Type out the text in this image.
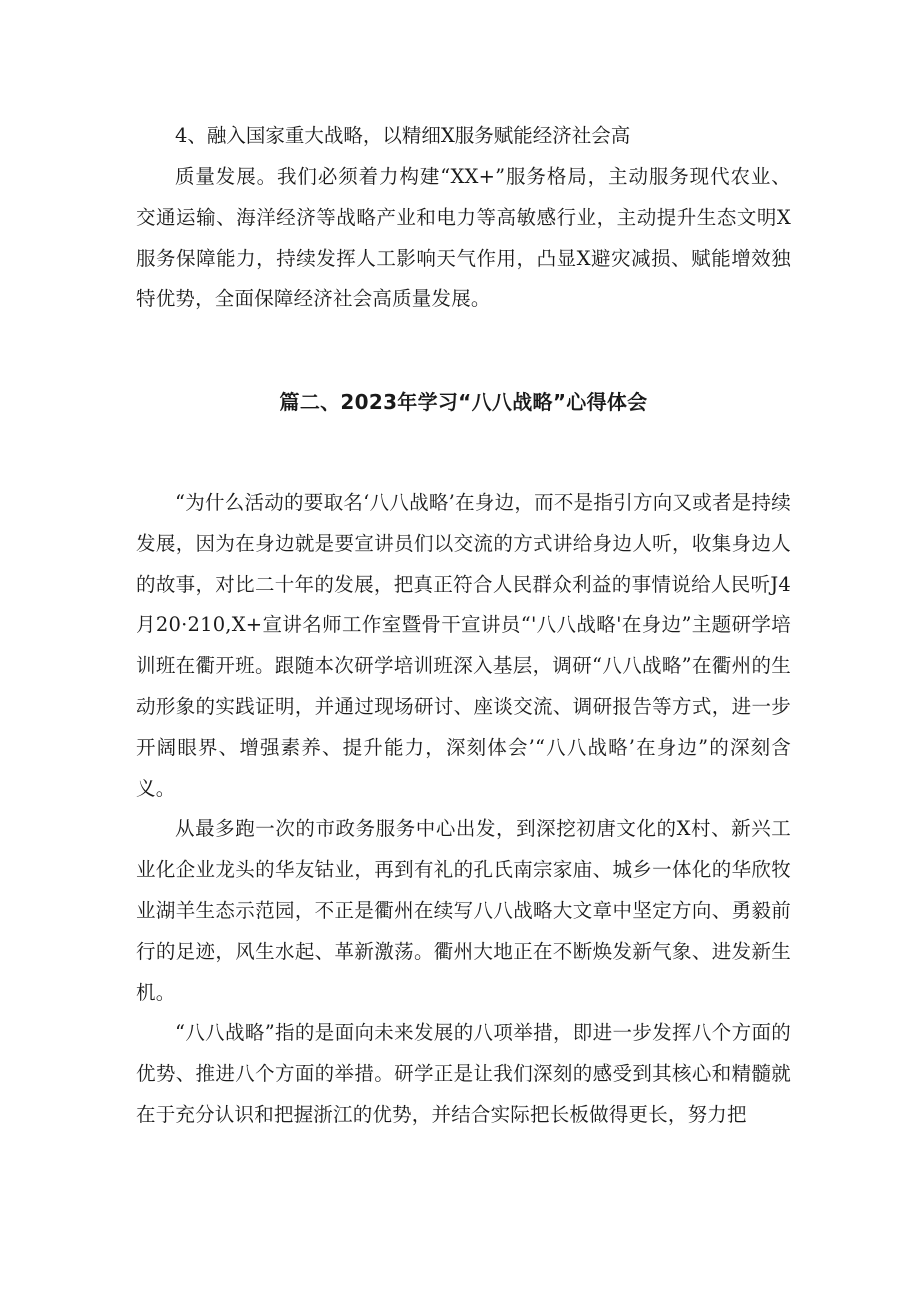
4、融入国家重大战略，以精细X服务赋能经济社会高
质量发展。我们必须着力构建“XX+”服务格局，主动服务现代农业、交通运输、海洋经济等战略产业和电力等高敏感行业，主动提升生态文明X服务保障能力，持续发挥人工影响天气作用，凸显X避灾减损、赋能增效独特优势，全面保障经济社会高质量发展。
篇二、2023年学习“八八战略”心得体会

“为什么活动的要取名‘八八战略’在身边，而不是指引方向又或者是持续发展，因为在身边就是要宣讲员们以交流的方式讲给身边人听，收集身边人的故事，对比二十年的发展，把真正符合人民群众利益的事情说给人民听J4月20·210,X+宣讲名师工作室暨骨干宣讲员“'八八战略'在身边”主题研学培训班在衢开班。跟随本次研学培训班深入基层，调研“八八战略”在衢州的生动形象的实践证明，并通过现场研讨、座谈交流、调研报告等方式，进一步开阔眼界、增强素养、提升能力，深刻体会’“八八战略’在身边”的深刻含义。

从最多跑一次的市政务服务中心出发，到深挖初唐文化的X村、新兴工业化企业龙头的华友钴业，再到有礼的孔氏南宗家庙、城乡一体化的华欣牧业湖羊生态示范园，不正是衢州在续写八八战略大文章中坚定方向、勇毅前行的足迹，风生水起、革新激荡。衢州大地正在不断焕发新气象、进发新生机。

“八八战略”指的是面向未来发展的八项举措，即进一步发挥八个方面的优势、推进八个方面的举措。研学正是让我们深刻的感受到其核心和精髓就在于充分认识和把握浙江的优势，并结合实际把长板做得更长，努力把
